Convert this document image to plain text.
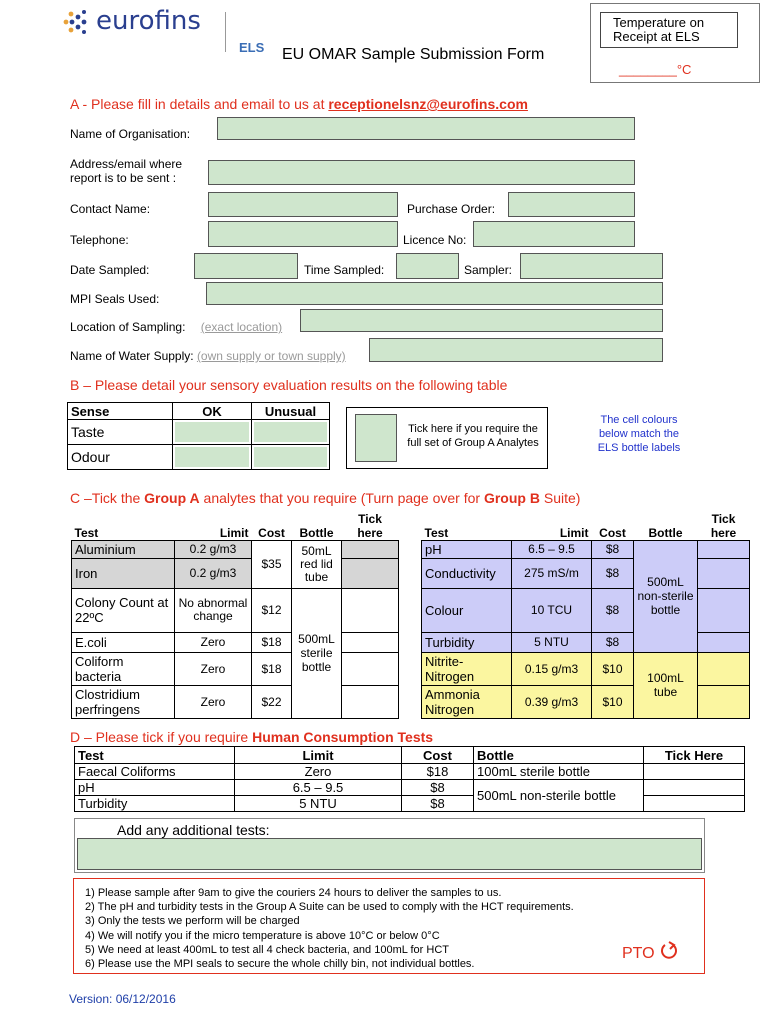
eurofins
ELS EU OMAR Sample Submission Form
Temperature on
Receipt at ELS
________°C
A - Please fill in details and email to us at receptionelsnz@eurofins.com
Name of Organisation:
Address/email where
report is to be sent :
Contact Name:	Purchase Order:
Telephone:	Licence No:
Date Sampled:	Time Sampled:	Sampler:
MPI Seals Used:
Location of Sampling: (exact location)
Name of Water Supply: (own supply or town supply)
B – Please detail your sensory evaluation results on the following table
Sense	OK	Unusual
Taste	

Odour	

Tick here if you require the full set of Group A Analytes
The cell colours below match the ELS bottle labels
C –Tick the Group A analytes that you require (Turn page over for Group B Suite)
Test	Limit	Cost	Bottle	Tick
here

Aluminium	0.2 g/m3	$35	50mL red lid tube	
Iron	0.2 g/m3			
Colony Count at 22ºC	No abnormal change	$12	500mL sterile bottle	
E.coli	Zero	$18		
Coliform bacteria	Zero	$18		
Clostridium perfringens	Zero	$22		
Test	Limit	Cost	Bottle	Tick
here

pH	6.5 – 9.5	$8	500mL non-sterile bottle	
Conductivity	275 mS/m	$8		
Colour	10 TCU	$8		
Turbidity	5 NTU	$8		
Nitrite-Nitrogen	0.15 g/m3	$10	100mL tube	
Ammonia Nitrogen	0.39 g/m3	$10		
D – Please tick if you require Human Consumption Tests
Test	Limit	Cost	Bottle	Tick Here
Faecal Coliforms	Zero	$18	100mL sterile bottle	
pH	6.5 – 9.5	$8	500mL non-sterile bottle	
Turbidity	5 NTU	$8		
Add any additional tests:
1) Please sample after 9am to give the couriers 24 hours to deliver the samples to us.
2) The pH and turbidity tests in the Group A Suite can be used to comply with the HCT requirements.
3) Only the tests we perform will be charged
4) We will notify you if the micro temperature is above 10°C or below 0°C
5) We need at least 400mL to test all 4 check bacteria, and 100mL for HCT
6) Please use the MPI seals to secure the whole chilly bin, not individual bottles.
PTO
Version: 06/12/2016
